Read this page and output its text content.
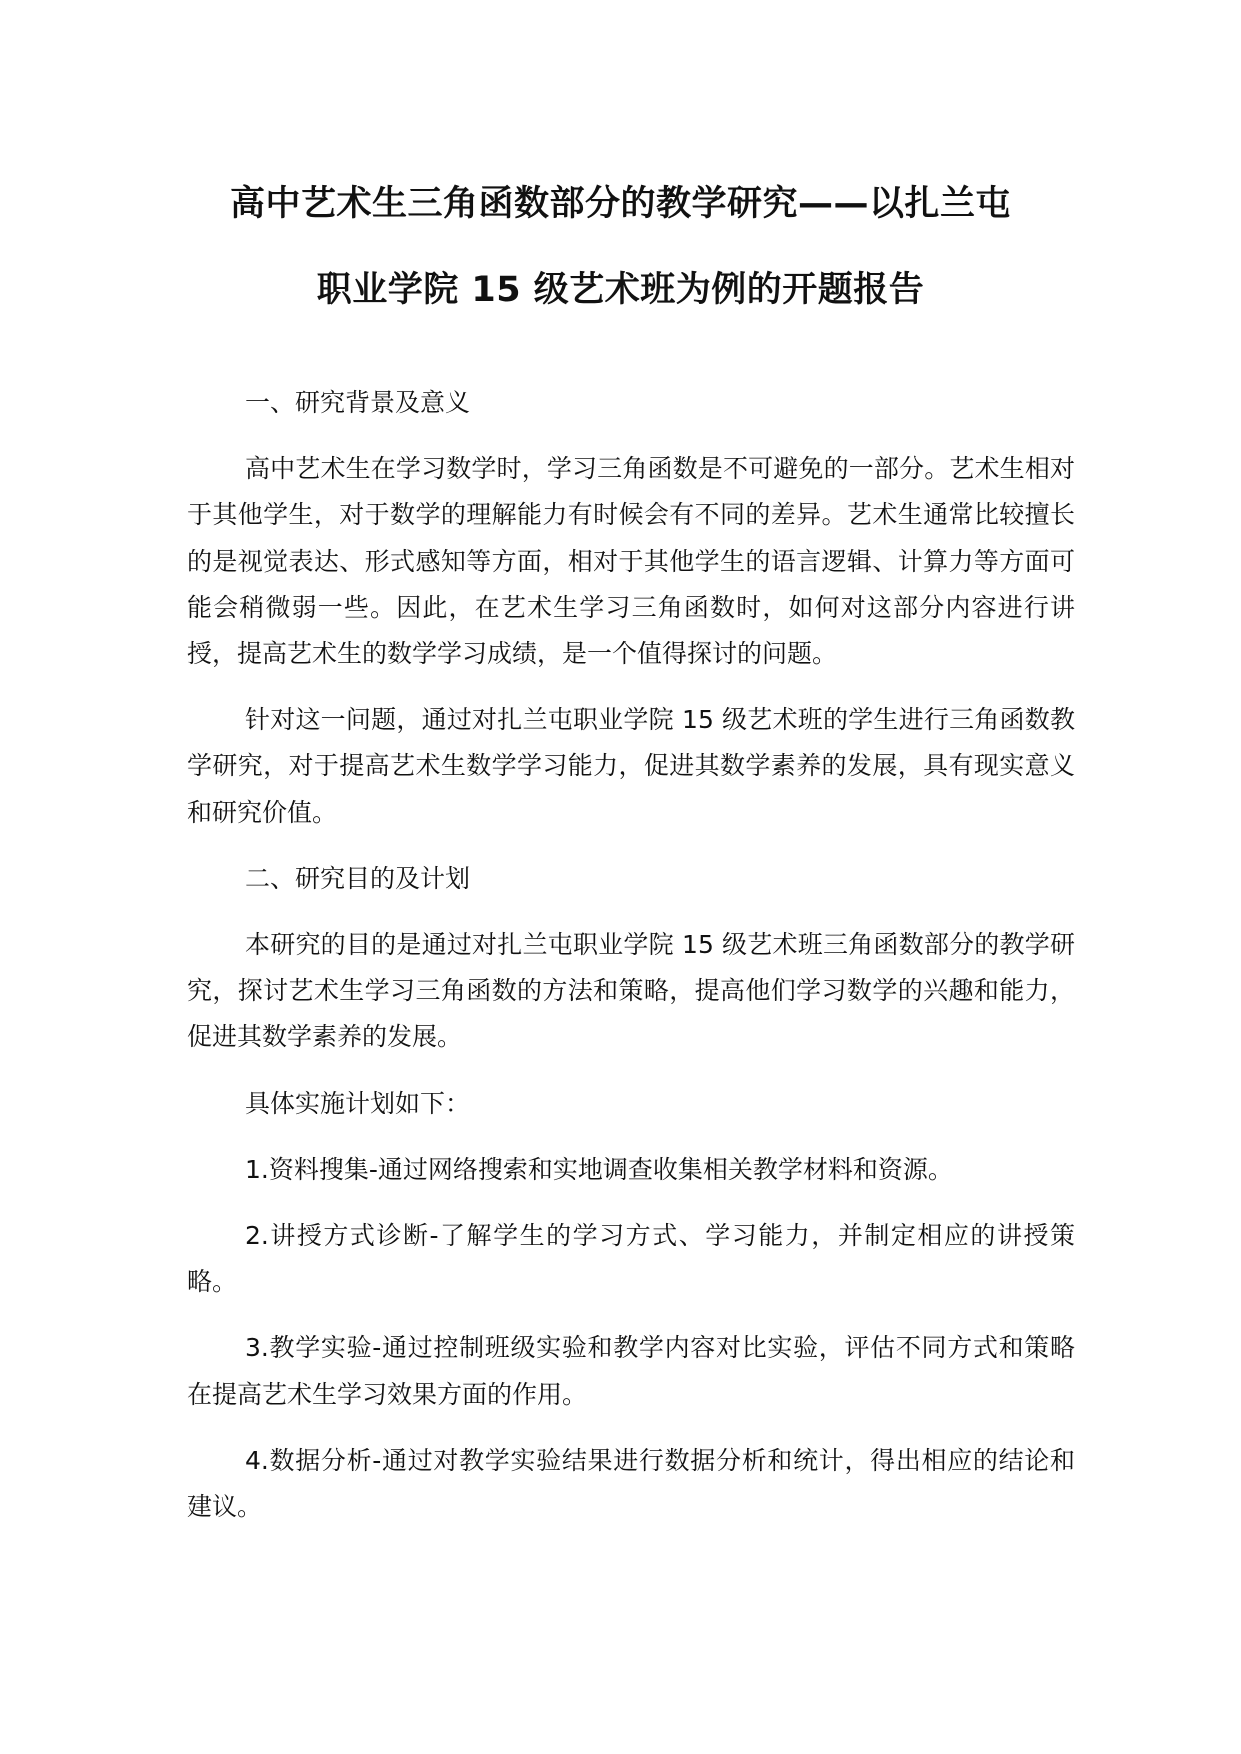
高中艺术生三角函数部分的教学研究——以扎兰屯
职业学院 15 级艺术班为例的开题报告

一、研究背景及意义

高中艺术生在学习数学时，学习三角函数是不可避免的一部分。艺术生相对于其他学生，对于数学的理解能力有时候会有不同的差异。艺术生通常比较擅长的是视觉表达、形式感知等方面，相对于其他学生的语言逻辑、计算力等方面可能会稍微弱一些。因此，在艺术生学习三角函数时，如何对这部分内容进行讲授，提高艺术生的数学学习成绩，是一个值得探讨的问题。

针对这一问题，通过对扎兰屯职业学院 15 级艺术班的学生进行三角函数教学研究，对于提高艺术生数学学习能力，促进其数学素养的发展，具有现实意义和研究价值。

二、研究目的及计划

本研究的目的是通过对扎兰屯职业学院 15 级艺术班三角函数部分的教学研究，探讨艺术生学习三角函数的方法和策略，提高他们学习数学的兴趣和能力，促进其数学素养的发展。

具体实施计划如下：

1.资料搜集-通过网络搜索和实地调查收集相关教学材料和资源。

2.讲授方式诊断-了解学生的学习方式、学习能力，并制定相应的讲授策略。

3.教学实验-通过控制班级实验和教学内容对比实验，评估不同方式和策略在提高艺术生学习效果方面的作用。

4.数据分析-通过对教学实验结果进行数据分析和统计，得出相应的结论和建议。
